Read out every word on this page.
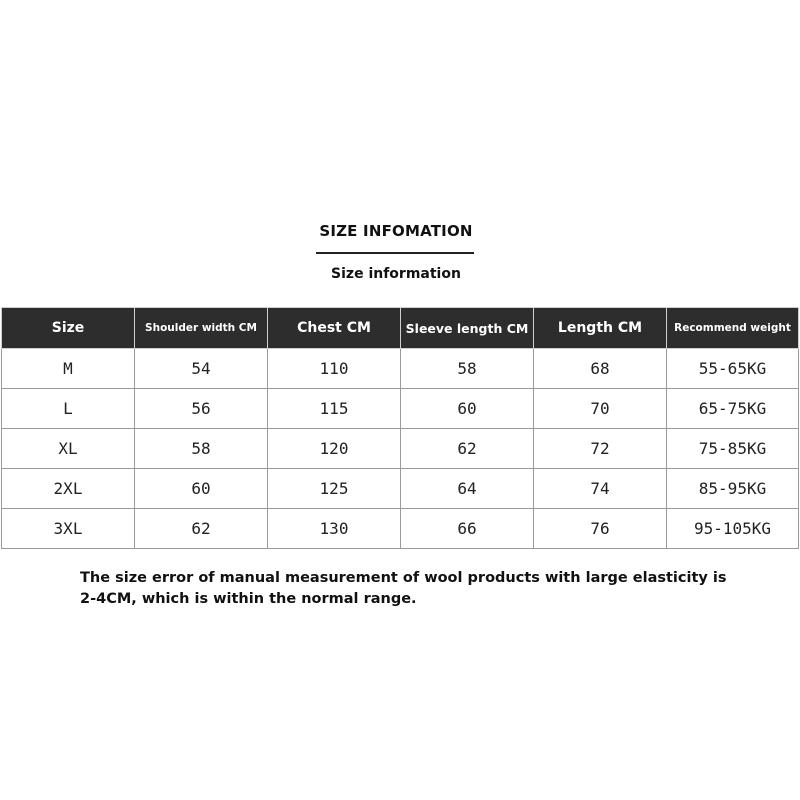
SIZE INFOMATION
Size information
Size	Shoulder width CM	Chest CM	Sleeve length CM	Length CM	Recommend weight
M	54	110	58	68	55-65KG
L	56	115	60	70	65-75KG
XL	58	120	62	72	75-85KG
2XL	60	125	64	74	85-95KG
3XL	62	130	66	76	95-105KG
The size error of manual measurement of wool products with large elasticity is
2-4CM, which is within the normal range.
